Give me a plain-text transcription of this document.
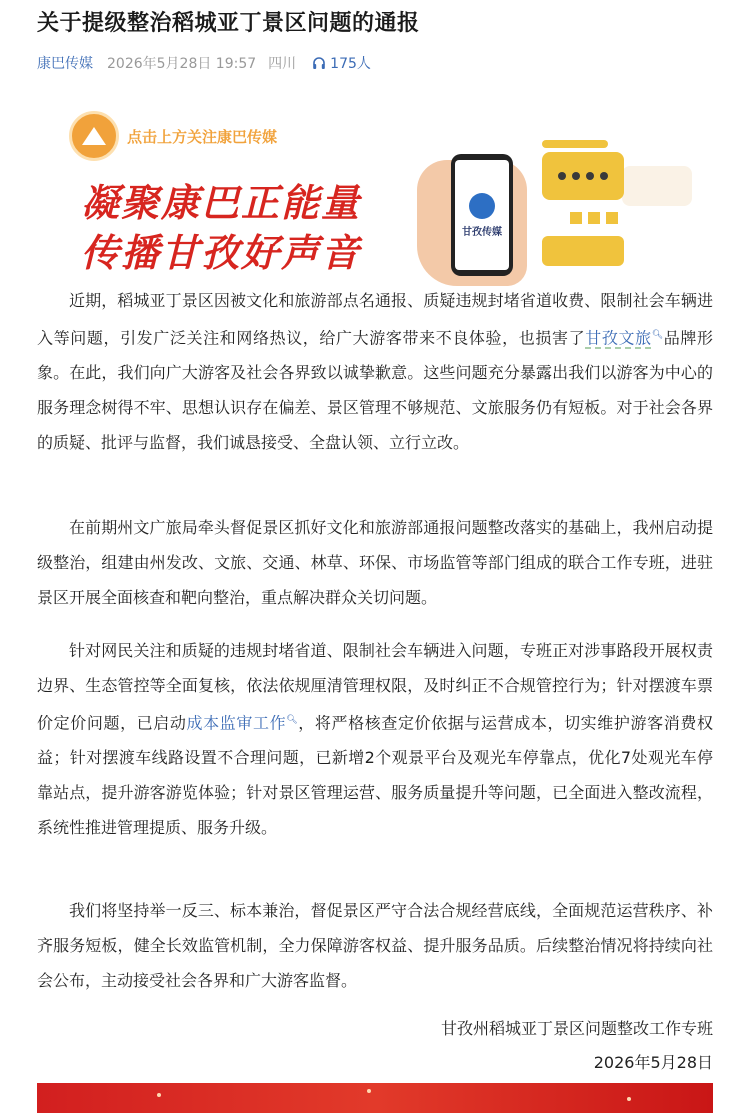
关于提级整治稻城亚丁景区问题的通报
康巴传媒 2026年5月28日 19:57 四川 175人
点击上方关注康巴传媒
凝聚康巴正能量
传播甘孜好声音	甘孜传媒
近期，稻城亚丁景区因被文化和旅游部点名通报、质疑违规封堵省道收费、限制社会车辆进入等问题，引发广泛关注和网络热议，给广大游客带来不良体验，也损害了甘孜文旅🔍︎品牌形象。在此，我们向广大游客及社会各界致以诚挚歉意。这些问题充分暴露出我们以游客为中心的服务理念树得不牢、思想认识存在偏差、景区管理不够规范、文旅服务仍有短板。对于社会各界的质疑、批评与监督，我们诚恳接受、全盘认领、立行立改。
在前期州文广旅局牵头督促景区抓好文化和旅游部通报问题整改落实的基础上，我州启动提级整治，组建由州发改、文旅、交通、林草、环保、市场监管等部门组成的联合工作专班，进驻景区开展全面核查和靶向整治，重点解决群众关切问题。
针对网民关注和质疑的违规封堵省道、限制社会车辆进入问题，专班正对涉事路段开展权责边界、生态管控等全面复核，依法依规厘清管理权限，及时纠正不合规管控行为；针对摆渡车票价定价问题，已启动成本监审工作🔍︎，将严格核查定价依据与运营成本，切实维护游客消费权益；针对摆渡车线路设置不合理问题，已新增2个观景平台及观光车停靠点，优化7处观光车停靠站点，提升游客游览体验；针对景区管理运营、服务质量提升等问题，已全面进入整改流程，系统性推进管理提质、服务升级。
我们将坚持举一反三、标本兼治，督促景区严守合法合规经营底线，全面规范运营秩序、补齐服务短板，健全长效监管机制，全力保障游客权益、提升服务品质。后续整治情况将持续向社会公布，主动接受社会各界和广大游客监督。
甘孜州稻城亚丁景区问题整改工作专班
2026年5月28日
